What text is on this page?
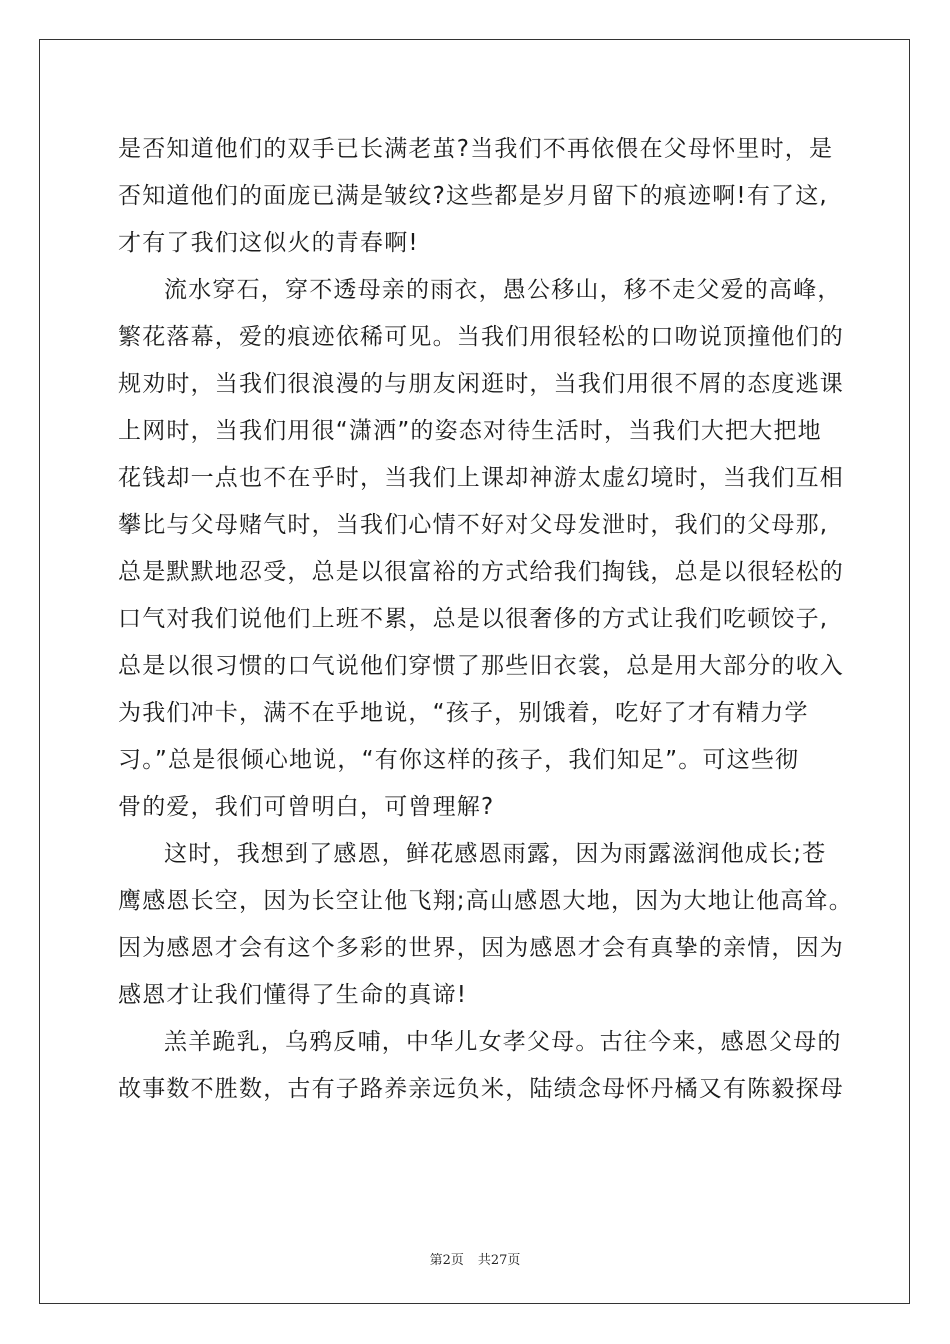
是否知道他们的双手已长满老茧?当我们不再依偎在父母怀里时，是
否知道他们的面庞已满是皱纹?这些都是岁月留下的痕迹啊!有了这,
才有了我们这似火的青春啊!
流水穿石，穿不透母亲的雨衣，愚公移山，移不走父爱的高峰，
繁花落幕，爱的痕迹依稀可见。当我们用很轻松的口吻说顶撞他们的
规劝时，当我们很浪漫的与朋友闲逛时，当我们用很不屑的态度逃课
上网时，当我们用很“潇洒”的姿态对待生活时，当我们大把大把地
花钱却一点也不在乎时，当我们上课却神游太虚幻境时，当我们互相
攀比与父母赌气时，当我们心情不好对父母发泄时，我们的父母那,
总是默默地忍受，总是以很富裕的方式给我们掏钱，总是以很轻松的
口气对我们说他们上班不累，总是以很奢侈的方式让我们吃顿饺子,
总是以很习惯的口气说他们穿惯了那些旧衣裳，总是用大部分的收入
为我们冲卡，满不在乎地说，“孩子，别饿着，吃好了才有精力学
习。”总是很倾心地说，“有你这样的孩子，我们知足”。可这些彻
骨的爱，我们可曾明白，可曾理解?
这时，我想到了感恩，鲜花感恩雨露，因为雨露滋润他成长;苍
鹰感恩长空，因为长空让他飞翔;高山感恩大地，因为大地让他高耸。
因为感恩才会有这个多彩的世界，因为感恩才会有真挚的亲情，因为
感恩才让我们懂得了生命的真谛!
羔羊跪乳，乌鸦反哺，中华儿女孝父母。古往今来，感恩父母的
故事数不胜数，古有子路养亲远负米，陆绩念母怀丹橘又有陈毅探母
第2页 共27页
